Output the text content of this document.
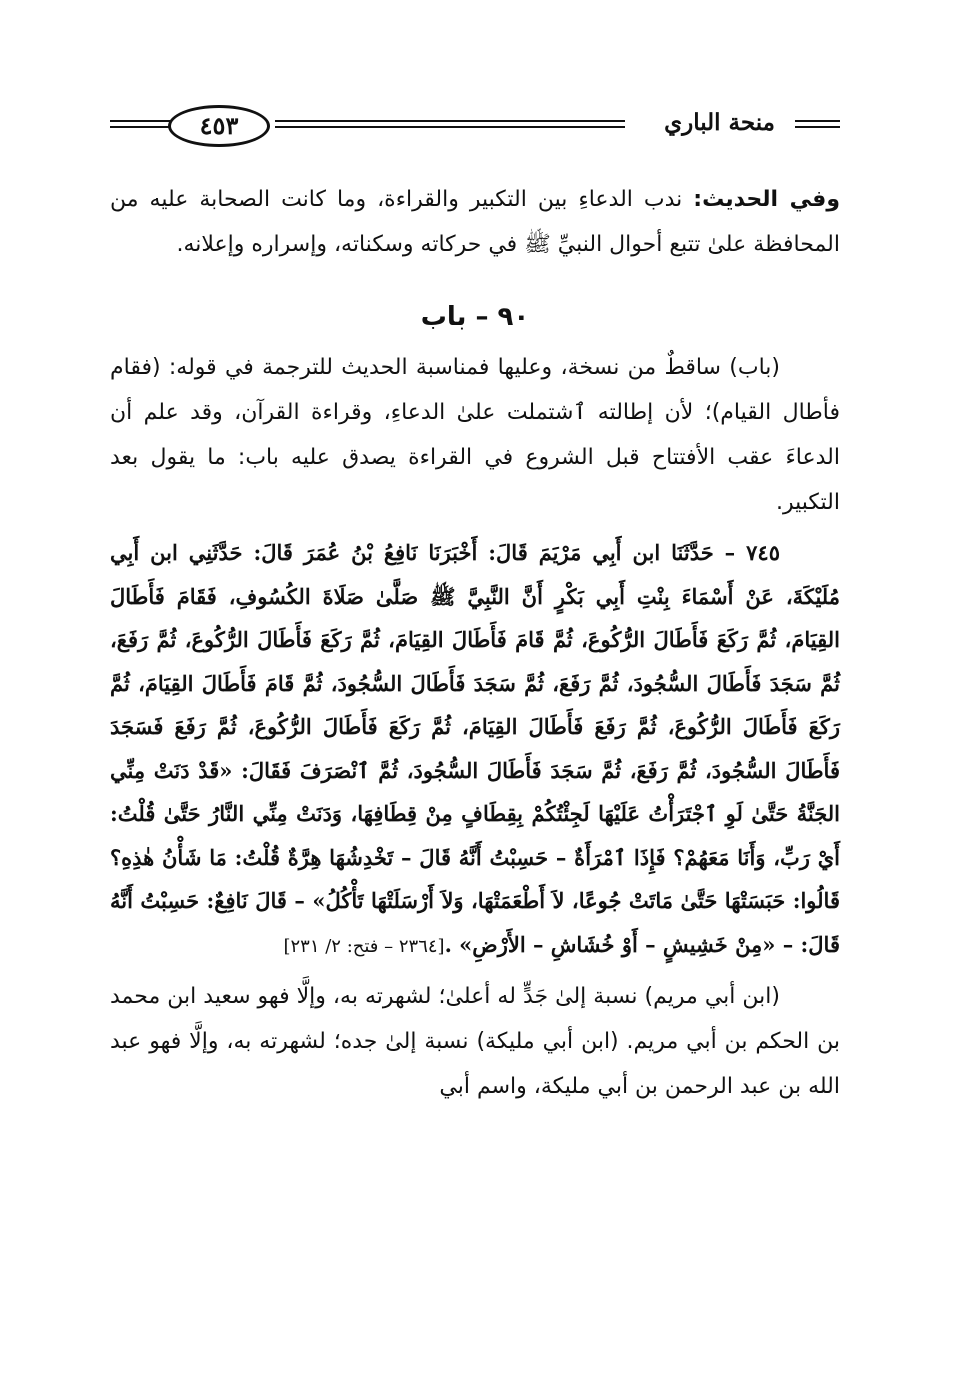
منحة الباري
٤٥٣

وفي الحديث: ندب الدعاءِ بين التكبير والقراءة، وما كانت الصحابة عليه من المحافظة علىٰ تتبع أحوال النبيِّ ﷺ في حركاته وسكناته، وإسراره وإعلانه.

٩٠ – باب

(باب) ساقطٌ من نسخة، وعليها فمناسبة الحديث للترجمة في قوله: (فقام فأطال القيام)؛ لأن إطالته ٱشتملت علىٰ الدعاءِ، وقراءة القرآن، وقد علم أن الدعاءَ عقب الأفتتاح قبل الشروع في القراءة يصدق عليه باب: ما يقول بعد التكبير.

٧٤٥ – حَدَّثَنَا ابن أَبِي مَرْيَمَ قَالَ: أَخْبَرَنَا نَافِعُ بْنُ عُمَرَ قَالَ: حَدَّثَنِي ابن أَبِي مُلَيْكَةَ، عَنْ أَسْمَاءَ بِنْتِ أَبِي بَكْرٍ أَنَّ النَّبِيَّ ﷺ صَلَّىٰ صَلَاةَ الكُسُوفِ، فَقَامَ فَأَطَالَ القِيَامَ، ثُمَّ رَكَعَ فَأَطَالَ الرُّكُوعَ، ثُمَّ قَامَ فَأَطَالَ القِيَامَ، ثُمَّ رَكَعَ فَأَطَالَ الرُّكُوعَ، ثُمَّ رَفَعَ، ثُمَّ سَجَدَ فَأَطَالَ السُّجُودَ، ثُمَّ رَفَعَ، ثُمَّ سَجَدَ فَأَطَالَ السُّجُودَ، ثُمَّ قَامَ فَأَطَالَ القِيَامَ، ثُمَّ رَكَعَ فَأَطَالَ الرُّكُوعَ، ثُمَّ رَفَعَ فَأَطَالَ القِيَامَ، ثُمَّ رَكَعَ فَأَطَالَ الرُّكُوعَ، ثُمَّ رَفَعَ فَسَجَدَ فَأَطَالَ السُّجُودَ، ثُمَّ رَفَعَ، ثُمَّ سَجَدَ فَأَطَالَ السُّجُودَ، ثُمَّ ٱنْصَرَفَ فَقَالَ: «قَدْ دَنَتْ مِنِّي الجَنَّةُ حَتَّىٰ لَوِ ٱجْتَرَأْتُ عَلَيْهَا لَجِئْتُكُمْ بِقِطَافٍ مِنْ قِطَافِهَا، وَدَنَتْ مِنِّي النَّارُ حَتَّىٰ قُلْتُ: أَيْ رَبِّ، وَأَنَا مَعَهُمْ؟ فَإِذَا ٱمْرَأَةٌ – حَسِبْتُ أَنَّهُ قَالَ – تَخْدِشُهَا هِرَّةٌ قُلْتُ: مَا شَأْنُ هٰذِهِ؟ قَالُوا: حَبَسَتْهَا حَتَّىٰ مَاتَتْ جُوعًا، لاَ أَطْعَمَتْهَا، وَلاَ أَرْسَلَتْهَا تَأْكُلُ» – قَالَ نَافِعٌ: حَسِبْتُ أَنَّهُ قَالَ: – «مِنْ خَشِيشٍ – أَوْ خُشَاشِ – الأَرْضِ» .[٢٣٦٤ – فتح: ٢/ ٢٣١]

(ابن أبي مريم) نسبة إلىٰ جَدٍّ له أعلىٰ؛ لشهرته به، وإلَّا فهو سعيد ابن محمد بن الحكم بن أبي مريم. (ابن أبي مليكة) نسبة إلىٰ جده؛ لشهرته به، وإلَّا فهو عبد الله بن عبد الرحمن بن أبي مليكة، واسم أبي
